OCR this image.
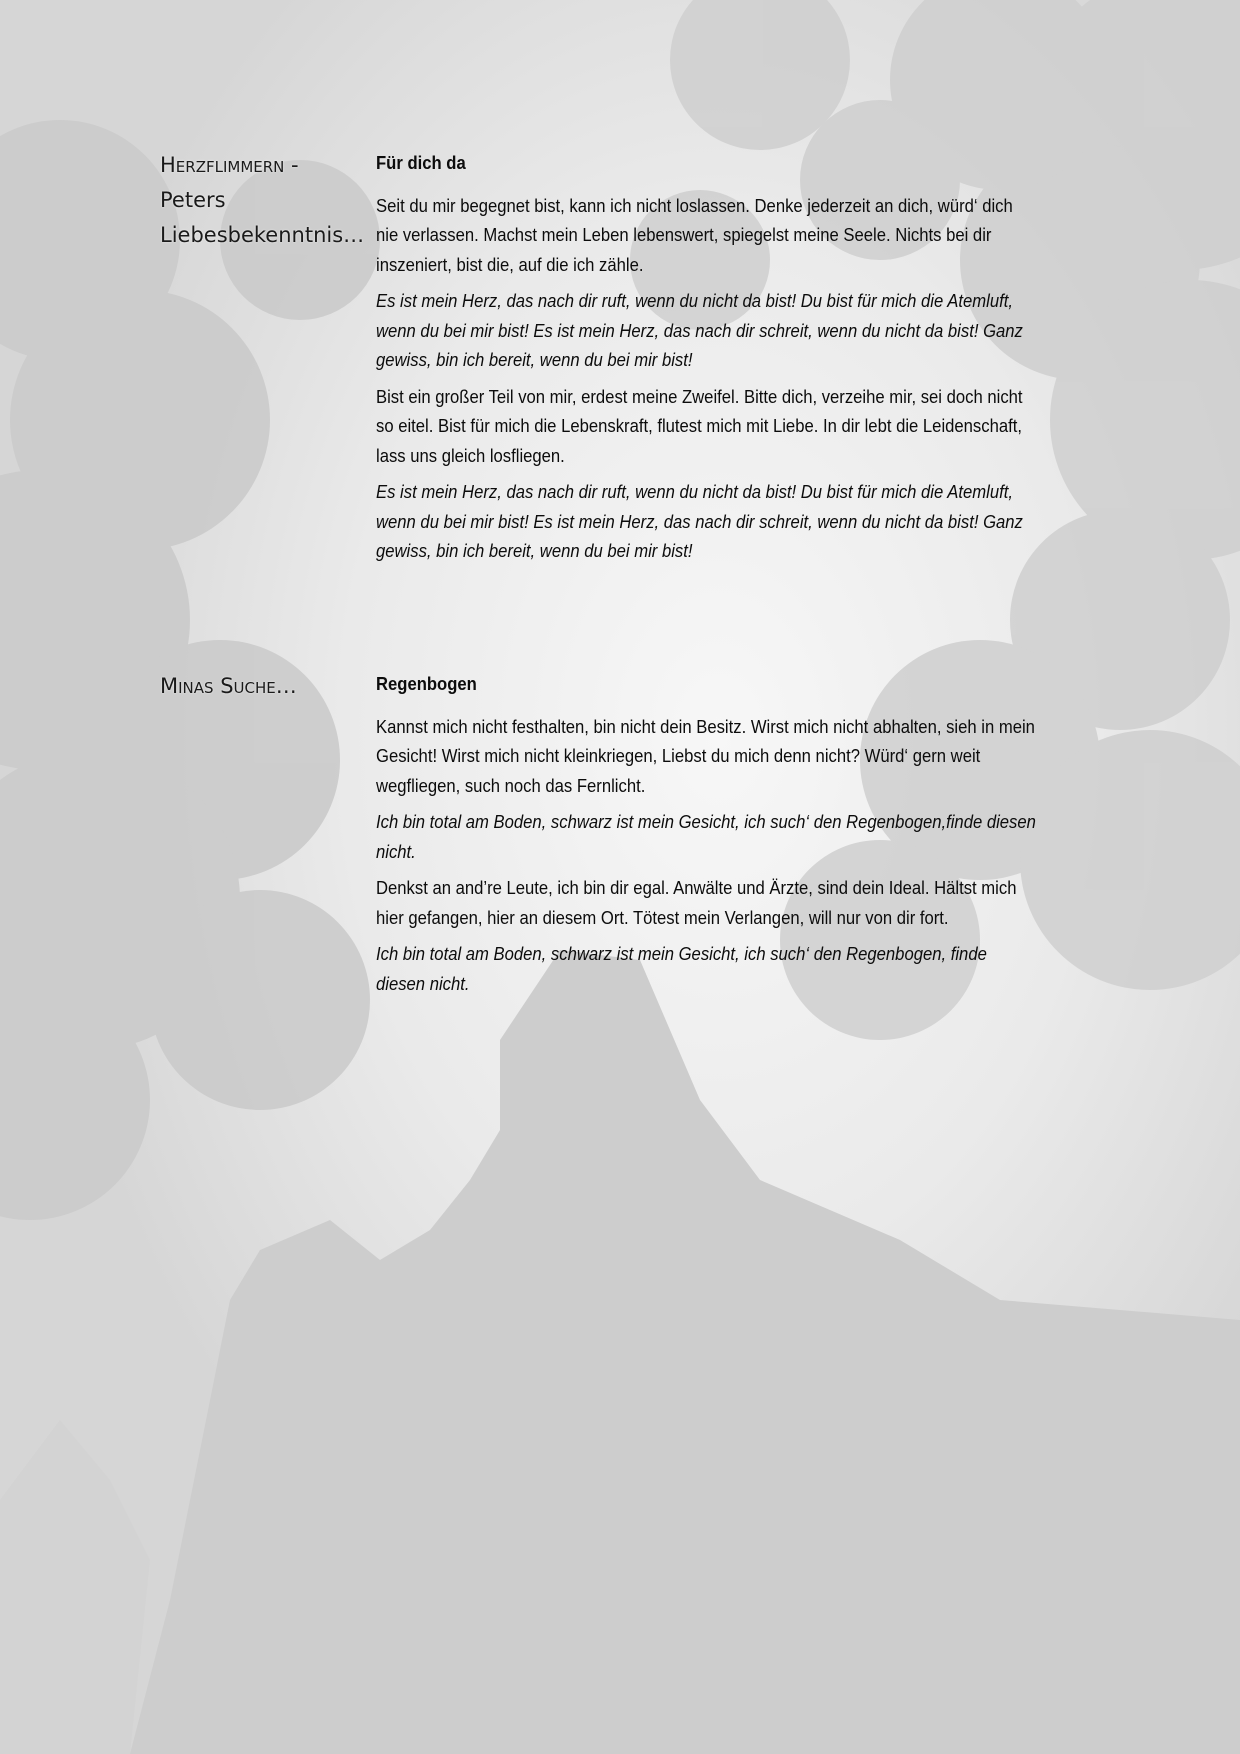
Herzflimmern -
Peters
Liebesbekenntnis…
Für dich da

Seit du mir begegnet bist, kann ich nicht loslassen. Denke jederzeit an dich, würd‘ dich nie verlassen. Machst mein Leben lebenswert, spiegelst meine Seele. Nichts bei dir inszeniert, bist die, auf die ich zähle.

Es ist mein Herz, das nach dir ruft, wenn du nicht da bist! Du bist für mich die Atemluft, wenn du bei mir bist! Es ist mein Herz, das nach dir schreit, wenn du nicht da bist! Ganz gewiss, bin ich bereit, wenn du bei mir bist!

Bist ein großer Teil von mir, erdest meine Zweifel. Bitte dich, verzeihe mir, sei doch nicht so eitel. Bist für mich die Lebenskraft, flutest mich mit Liebe. In dir lebt die Leidenschaft, lass uns gleich losfliegen.

Es ist mein Herz, das nach dir ruft, wenn du nicht da bist! Du bist für mich die Atemluft, wenn du bei mir bist! Es ist mein Herz, das nach dir schreit, wenn du nicht da bist! Ganz gewiss, bin ich bereit, wenn du bei mir bist!

Minas Suche…	Regenbogen

Kannst mich nicht festhalten, bin nicht dein Besitz. Wirst mich nicht abhalten, sieh in mein Gesicht! Wirst mich nicht kleinkriegen, Liebst du mich denn nicht? Würd‘ gern weit wegfliegen, such noch das Fernlicht.

Ich bin total am Boden, schwarz ist mein Gesicht, ich such‘ den Regenbogen,finde diesen nicht.

Denkst an and’re Leute, ich bin dir egal. Anwälte und Ärzte, sind dein Ideal. Hältst mich hier gefangen, hier an diesem Ort. Tötest mein Verlangen, will nur von dir fort.

Ich bin total am Boden, schwarz ist mein Gesicht, ich such‘ den Regenbogen, finde diesen nicht.
